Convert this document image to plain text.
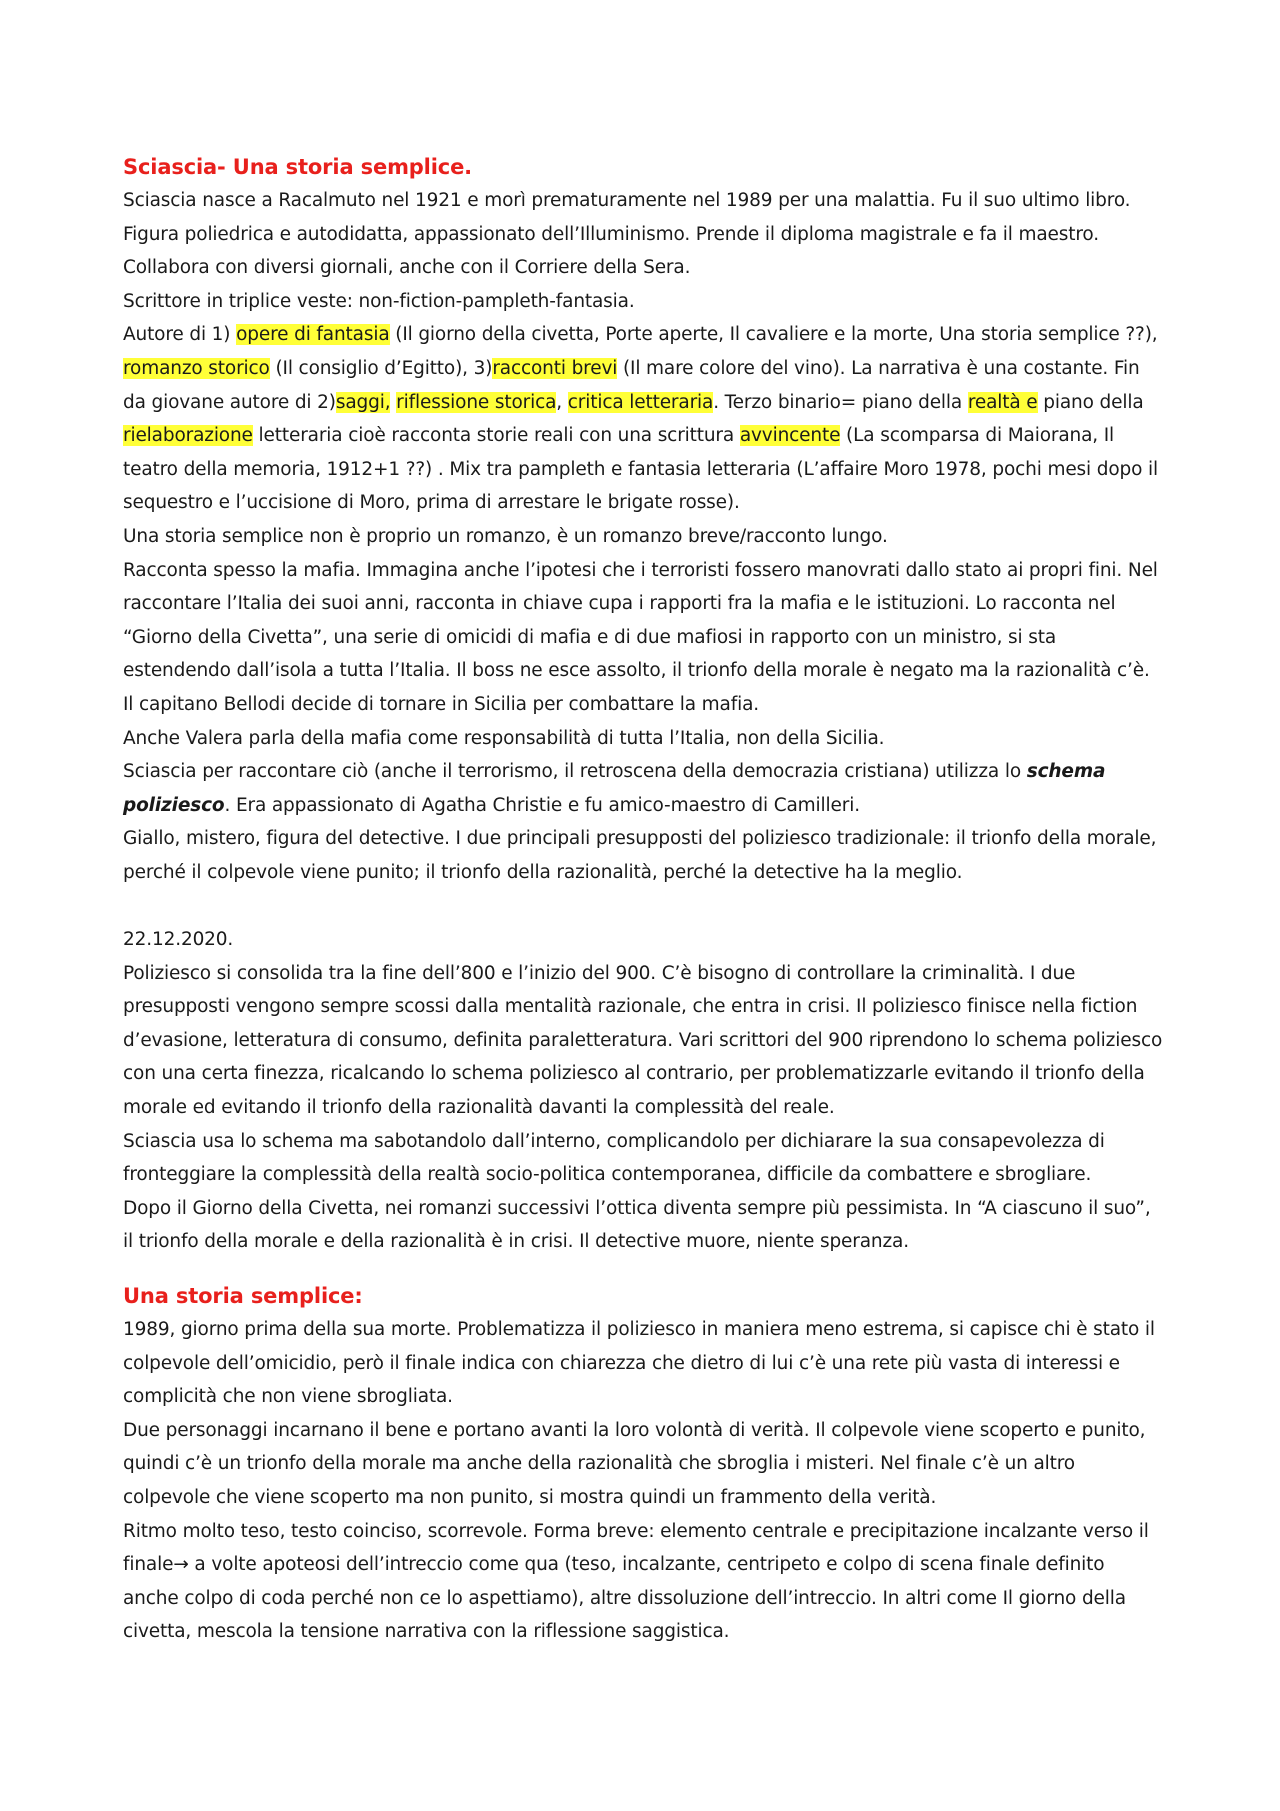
Sciascia- Una storia semplice.

Sciascia nasce a Racalmuto nel 1921 e morì prematuramente nel 1989 per una malattia. Fu il suo ultimo libro. Figura poliedrica e autodidatta, appassionato dell’Illuminismo. Prende il diploma magistrale e fa il maestro. Collabora con diversi giornali, anche con il Corriere della Sera.

Scrittore in triplice veste: non-fiction-pampleth-fantasia.

Autore di 1) opere di fantasia (Il giorno della civetta, Porte aperte, Il cavaliere e la morte, Una storia semplice ??), romanzo storico (Il consiglio d’Egitto), 3)racconti brevi (Il mare colore del vino). La narrativa è una costante. Fin da giovane autore di 2)saggi, riflessione storica, critica letteraria. Terzo binario= piano della realtà e piano della rielaborazione letteraria cioè racconta storie reali con una scrittura avvincente (La scomparsa di Maiorana, Il teatro della memoria, 1912+1 ??) . Mix tra pampleth e fantasia letteraria (L’affaire Moro 1978, pochi mesi dopo il sequestro e l’uccisione di Moro, prima di arrestare le brigate rosse).

Una storia semplice non è proprio un romanzo, è un romanzo breve/racconto lungo.

Racconta spesso la mafia. Immagina anche l’ipotesi che i terroristi fossero manovrati dallo stato ai propri fini. Nel raccontare l’Italia dei suoi anni, racconta in chiave cupa i rapporti fra la mafia e le istituzioni. Lo racconta nel “Giorno della Civetta”, una serie di omicidi di mafia e di due mafiosi in rapporto con un ministro, si sta estendendo dall’isola a tutta l’Italia. Il boss ne esce assolto, il trionfo della morale è negato ma la razionalità c’è. Il capitano Bellodi decide di tornare in Sicilia per combattare la mafia.

Anche Valera parla della mafia come responsabilità di tutta l’Italia, non della Sicilia.

Sciascia per raccontare ciò (anche il terrorismo, il retroscena della democrazia cristiana) utilizza lo schema poliziesco. Era appassionato di Agatha Christie e fu amico-maestro di Camilleri.

Giallo, mistero, figura del detective. I due principali presupposti del poliziesco tradizionale: il trionfo della morale, perché il colpevole viene punito; il trionfo della razionalità, perché la detective ha la meglio.

22.12.2020.

Poliziesco si consolida tra la fine dell’800 e l’inizio del 900. C’è bisogno di controllare la criminalità. I due presupposti vengono sempre scossi dalla mentalità razionale, che entra in crisi. Il poliziesco finisce nella fiction d’evasione, letteratura di consumo, definita paraletteratura. Vari scrittori del 900 riprendono lo schema poliziesco con una certa finezza, ricalcando lo schema poliziesco al contrario, per problematizzarle evitando il trionfo della morale ed evitando il trionfo della razionalità davanti la complessità del reale.

Sciascia usa lo schema ma sabotandolo dall’interno, complicandolo per dichiarare la sua consapevolezza di fronteggiare la complessità della realtà socio-politica contemporanea, difficile da combattere e sbrogliare.

Dopo il Giorno della Civetta, nei romanzi successivi l’ottica diventa sempre più pessimista. In “A ciascuno il suo”, il trionfo della morale e della razionalità è in crisi. Il detective muore, niente speranza.

Una storia semplice:

1989, giorno prima della sua morte. Problematizza il poliziesco in maniera meno estrema, si capisce chi è stato il colpevole dell’omicidio, però il finale indica con chiarezza che dietro di lui c’è una rete più vasta di interessi e complicità che non viene sbrogliata.

Due personaggi incarnano il bene e portano avanti la loro volontà di verità. Il colpevole viene scoperto e punito, quindi c’è un trionfo della morale ma anche della razionalità che sbroglia i misteri. Nel finale c’è un altro colpevole che viene scoperto ma non punito, si mostra quindi un frammento della verità.

Ritmo molto teso, testo coinciso, scorrevole. Forma breve: elemento centrale e precipitazione incalzante verso il finale→ a volte apoteosi dell’intreccio come qua (teso, incalzante, centripeto e colpo di scena finale definito anche colpo di coda perché non ce lo aspettiamo), altre dissoluzione dell’intreccio. In altri come Il giorno della civetta, mescola la tensione narrativa con la riflessione saggistica.
